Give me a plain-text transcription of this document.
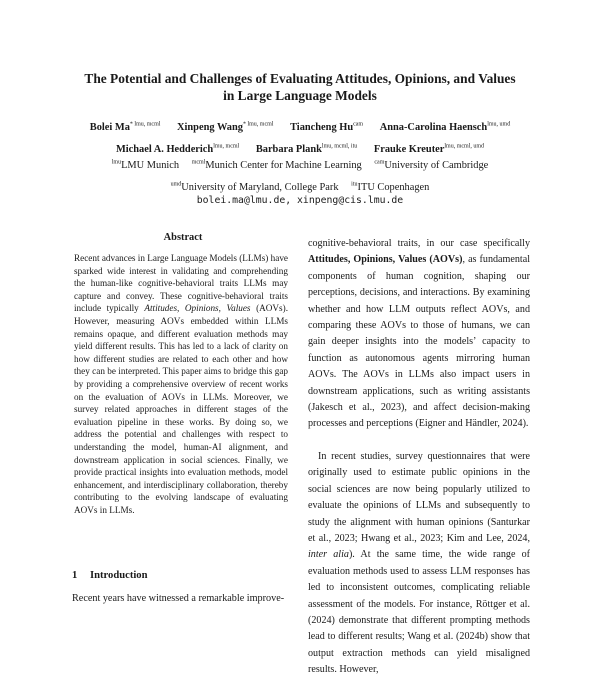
The Potential and Challenges of Evaluating Attitudes, Opinions, and Values
in Large Language Models
Bolei $Ma^{* lmu, mcml}$ Xinpeng Wang$^{* lmu, mcml}$ Tiancheng $Hu^{cam}$ Anna-Carolina Haensch$^{lmu, umd}$
Michael A. Hedderich$^{lmu, mcml}$ Barbara Plank$^{lmu, mcml, itu}$ Frauke Kreuter$^{lmu, mcml, umd}$
$^{lmu}$LMU Munich $^{mcml}$Munich Center for Machine Learning $^{cam}$University of Cambridge
$^{umd}$University of Maryland, College Park $^{itu}$ITU Copenhagen
bolei.ma@lmu.de, xinpeng@cis.lmu.de
Abstract
Recent advances in Large Language Models (LLMs) have sparked wide interest in validating and comprehending the human-like cognitive-behavioral traits LLMs may capture and convey. These cognitive-behavioral traits include typically Attitudes, Opinions, Values (AOVs). However, measuring AOVs embedded within LLMs remains opaque, and different evaluation methods may yield different results. This has led to a lack of clarity on how different studies are related to each other and how they can be interpreted. This paper aims to bridge this gap by providing a comprehensive overview of recent works on the evaluation of AOVs in LLMs. Moreover, we survey related approaches in different stages of the evaluation pipeline in these works. By doing so, we address the potential and challenges with respect to understanding the model, human-AI alignment, and downstream application in social sciences. Finally, we provide practical insights into evaluation methods, model enhancement, and interdisciplinary collaboration, thereby contributing to the evolving landscape of evaluating AOVs in LLMs.
1 Introduction
Recent years have witnessed a remarkable improve-

cognitive-behavioral traits, in our case specifically Attitudes, Opinions, Values (AOVs), as fundamental components of human cognition, shaping our perceptions, decisions, and interactions. By examining whether and how LLM outputs reflect AOVs, and comparing these AOVs to those of humans, we can gain deeper insights into the models’ capacity to function as autonomous agents mirroring human AOVs. The AOVs in LLMs also impact users in downstream applications, such as writing assistants (Jakesch et al., 2023), and affect decision-making processes and perceptions (Eigner and Händler, 2024).

In recent studies, survey questionnaires that were originally used to estimate public opinions in the social sciences are now being popularly utilized to evaluate the opinions of LLMs and subsequently to study the alignment with human opinions (Santurkar et al., 2023; Hwang et al., 2023; Kim and Lee, 2024, inter alia). At the same time, the wide range of evaluation methods used to assess LLM responses has led to inconsistent outcomes, complicating reliable assessment of the models. For instance, Röttger et al. (2024) demonstrate that different prompting methods lead to different results; Wang et al. (2024b) show that output extraction methods can yield misaligned results. However,
